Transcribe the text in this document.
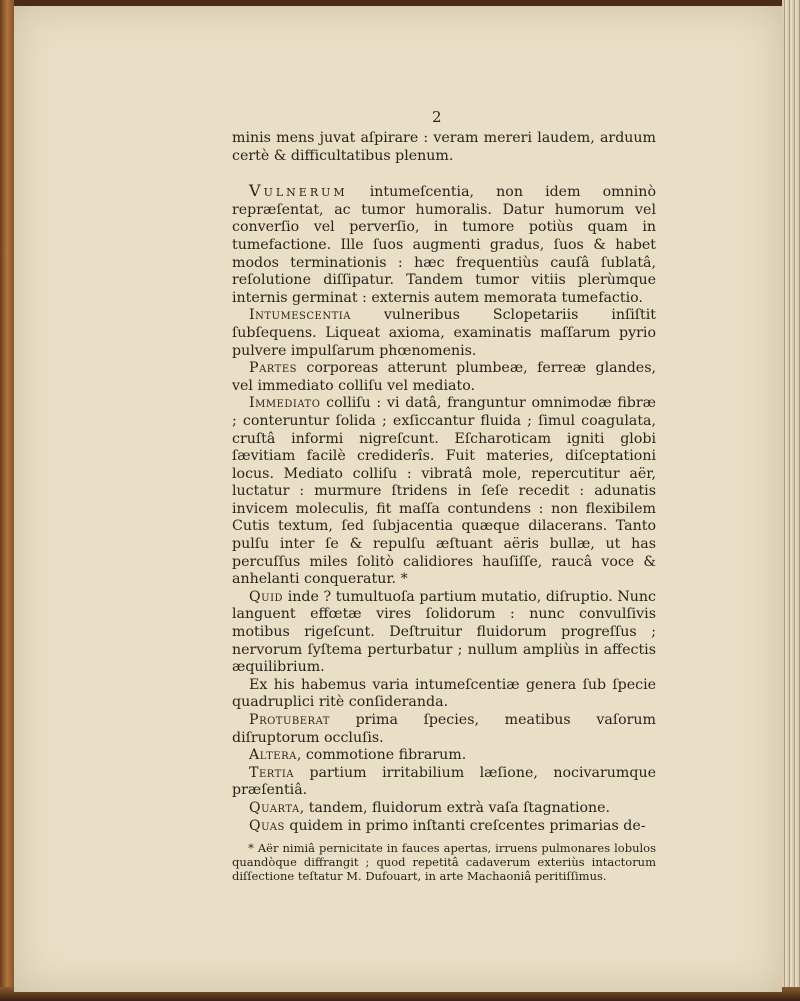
2

minis mens juvat aſpirare : veram mereri laudem, arduum certè & difficultatibus plenum.

Vulnerum intumeſcentia, non idem omninò repræſentat, ac tumor humoralis. Datur humorum vel converſio vel perverſio, in tumore potiùs quam in tumefactione. Ille ſuos augmenti gradus, ſuos & habet modos terminationis : hæc frequentiùs cauſâ ſublatâ, reſolutione diſſipatur. Tandem tumor vitiis plerùmque internis germinat : externis autem memorata tumefactio.

Intumescentia vulneribus Sclopetariis inſiſtit ſubſequens. Liqueat axioma, examinatis maſſarum pyrio pulvere impulſarum phœnomenis.

Partes corporeas atterunt plumbeæ, ferreæ glandes, vel immediato colliſu vel mediato.

Immediato colliſu : vi datâ, franguntur omnimodæ fibræ ; conteruntur ſolida ; exſiccantur fluida ; ſimul coagulata, cruſtâ informi nigreſcunt. Eſcharoticam igniti globi ſævitiam facilè crediderîs. Fuit materies, diſceptationi locus. Mediato colliſu : vibratâ mole, repercutitur aër, luctatur : murmure ſtridens in ſeſe recedit : adunatis invicem moleculis, fit maſſa contundens : non flexibilem Cutis textum, ſed ſubjacentia quæque dilacerans. Tanto pulſu inter ſe & repulſu æſtuant aëris bullæ, ut has percuſſus miles ſolitò calidiores hauſiſſe, raucâ voce & anhelanti conqueratur. *

Quid inde ? tumultuoſa partium mutatio, diſruptio. Nunc languent effœtæ vires ſolidorum : nunc convulſivis motibus rigeſcunt. Deſtruitur fluidorum progreſſus ; nervorum ſyſtema perturbatur ; nullum ampliùs in affectis æquilibrium.

Ex his habemus varia intumeſcentiæ genera ſub ſpecie quadruplici ritè conſideranda.

Protuberat prima ſpecies, meatibus vaſorum diſruptorum occluſis.

Altera, commotione fibrarum.

Tertia partium irritabilium læſione, nocivarumque præſentiâ.

Quarta, tandem, fluidorum extrà vaſa ſtagnatione.

Quas quidem in primo inſtanti creſcentes primarias de-

* Aër nimiâ pernicitate in fauces apertas, irruens pulmonares lobulos quandòque diffrangit ; quod repetitâ cadaverum exteriùs intactorum diſſectione teſtatur M. Dufouart, in arte Machaoniâ peritiſſimus.
